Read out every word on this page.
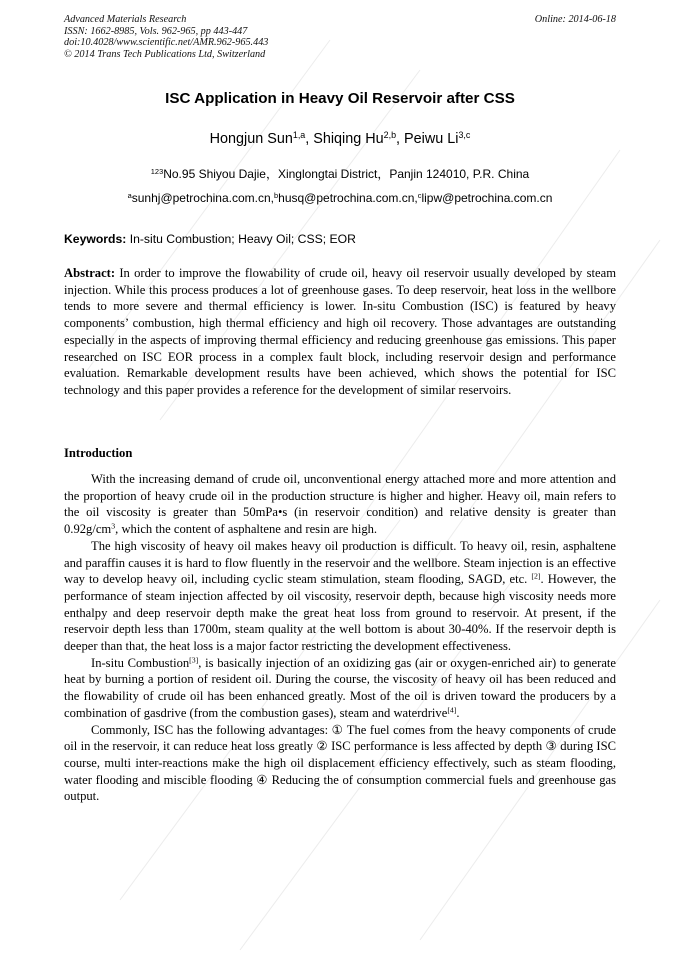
Advanced Materials Research
ISSN: 1662-8985, Vols. 962-965, pp 443-447
doi:10.4028/www.scientific.net/AMR.962-965.443
© 2014 Trans Tech Publications Ltd, Switzerland
Online: 2014-06-18
ISC Application in Heavy Oil Reservoir after CSS
Hongjun Sun$^{1,a}$, Shiqing Hu$^{2,b}$, Peiwu Li$^{3,c}$
$^{123}$No.95 Shiyou Dajie，Xinglongtai District，Panjin 124010, P.R. China
$^a$sunhj@petrochina.com.cn,$^b$husq@petrochina.com.cn,$^c$lipw@petrochina.com.cn
Keywords: In-situ Combustion; Heavy Oil; CSS; EOR
Abstract: In order to improve the flowability of crude oil, heavy oil reservoir usually developed by steam injection. While this process produces a lot of greenhouse gases. To deep reservoir, heat loss in the wellbore tends to more severe and thermal efficiency is lower. In-situ Combustion (ISC) is featured by heavy components’ combustion, high thermal efficiency and high oil recovery. Those advantages are outstanding especially in the aspects of improving thermal efficiency and reducing greenhouse gas emissions. This paper researched on ISC EOR process in a complex fault block, including reservoir design and performance evaluation. Remarkable development results have been achieved, which shows the potential for ISC technology and this paper provides a reference for the development of similar reservoirs.
Introduction

With the increasing demand of crude oil, unconventional energy attached more and more attention and the proportion of heavy crude oil in the production structure is higher and higher. Heavy oil, main refers to the oil viscosity is greater than 50mPa•s (in reservoir condition) and relative density is greater than $0.92g/cm^3$, which the content of asphaltene and resin are high.

The high viscosity of heavy oil makes heavy oil production is difficult. To heavy oil, resin, asphaltene and paraffin causes it is hard to flow fluently in the reservoir and the wellbore. Steam injection is an effective way to develop heavy oil, including cyclic steam stimulation, steam flooding, SAGD, etc. [2]. However, the performance of steam injection affected by oil viscosity, reservoir depth, because high viscosity needs more enthalpy and deep reservoir depth make the great heat loss from ground to reservoir. At present, if the reservoir depth less than 1700m, steam quality at the well bottom is about 30-40%. If the reservoir depth is deeper than that, the heat loss is a major factor restricting the development effectiveness.

In-situ Combustion[3], is basically injection of an oxidizing gas (air or oxygen-enriched air) to generate heat by burning a portion of resident oil. During the course, the viscosity of heavy oil has been reduced and the flowability of crude oil has been enhanced greatly. Most of the oil is driven toward the producers by a combination of gasdrive (from the combustion gases), steam and waterdrive[4].

Commonly, ISC has the following advantages: ① The fuel comes from the heavy components of crude oil in the reservoir, it can reduce heat loss greatly ② ISC performance is less affected by depth ③ during ISC course, multi inter-reactions make the high oil displacement efficiency effectively, such as steam flooding, water flooding and miscible flooding ④ Reducing the of consumption commercial fuels and greenhouse gas output.
